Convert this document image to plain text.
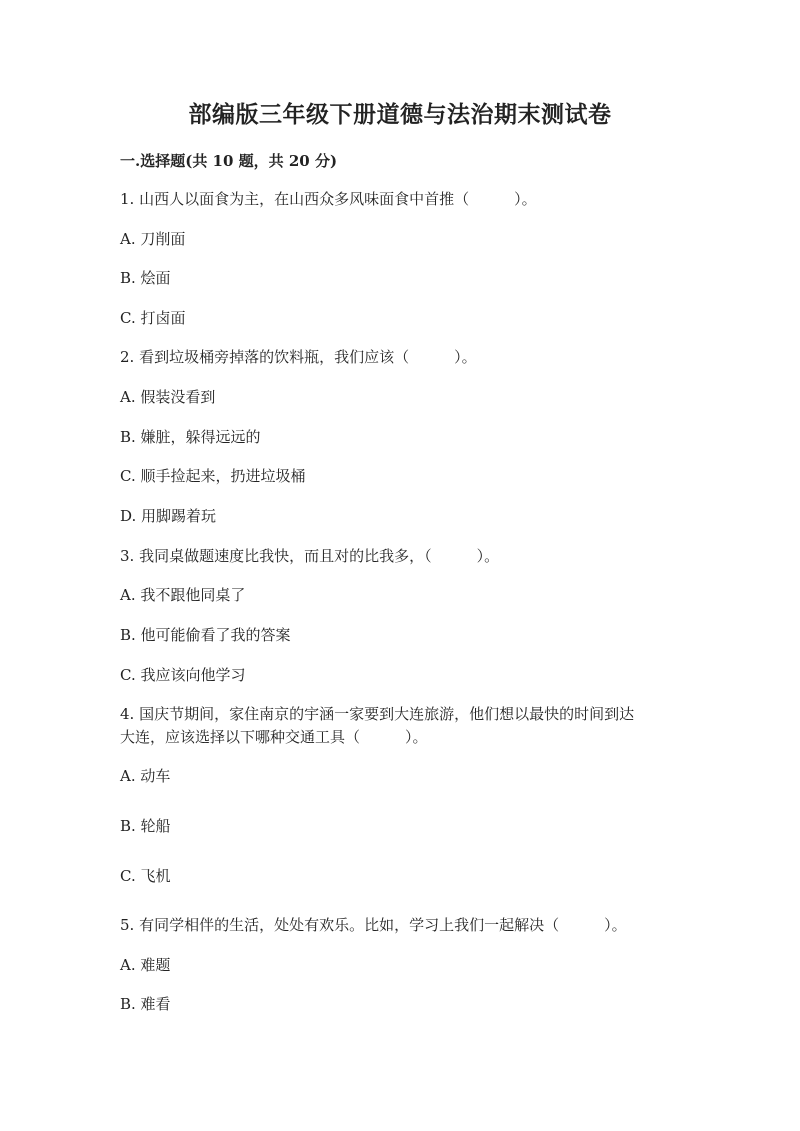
部编版三年级下册道德与法治期末测试卷
一.选择题(共 10 题，共 20 分)
1. 山西人以面食为主，在山西众多风味面食中首推（　　　）。
A. 刀削面
B. 烩面
C. 打卤面
2. 看到垃圾桶旁掉落的饮料瓶，我们应该（　　　）。
A. 假装没看到
B. 嫌脏，躲得远远的
C. 顺手捡起来，扔进垃圾桶
D. 用脚踢着玩
3. 我同桌做题速度比我快，而且对的比我多，（　　　）。
A. 我不跟他同桌了
B. 他可能偷看了我的答案
C. 我应该向他学习
4. 国庆节期间，家住南京的宇涵一家要到大连旅游，他们想以最快的时间到达
大连，应该选择以下哪种交通工具（　　　）。
A. 动车
B. 轮船
C. 飞机
5. 有同学相伴的生活，处处有欢乐。比如，学习上我们一起解决（　　　）。
A. 难题
B. 难看
